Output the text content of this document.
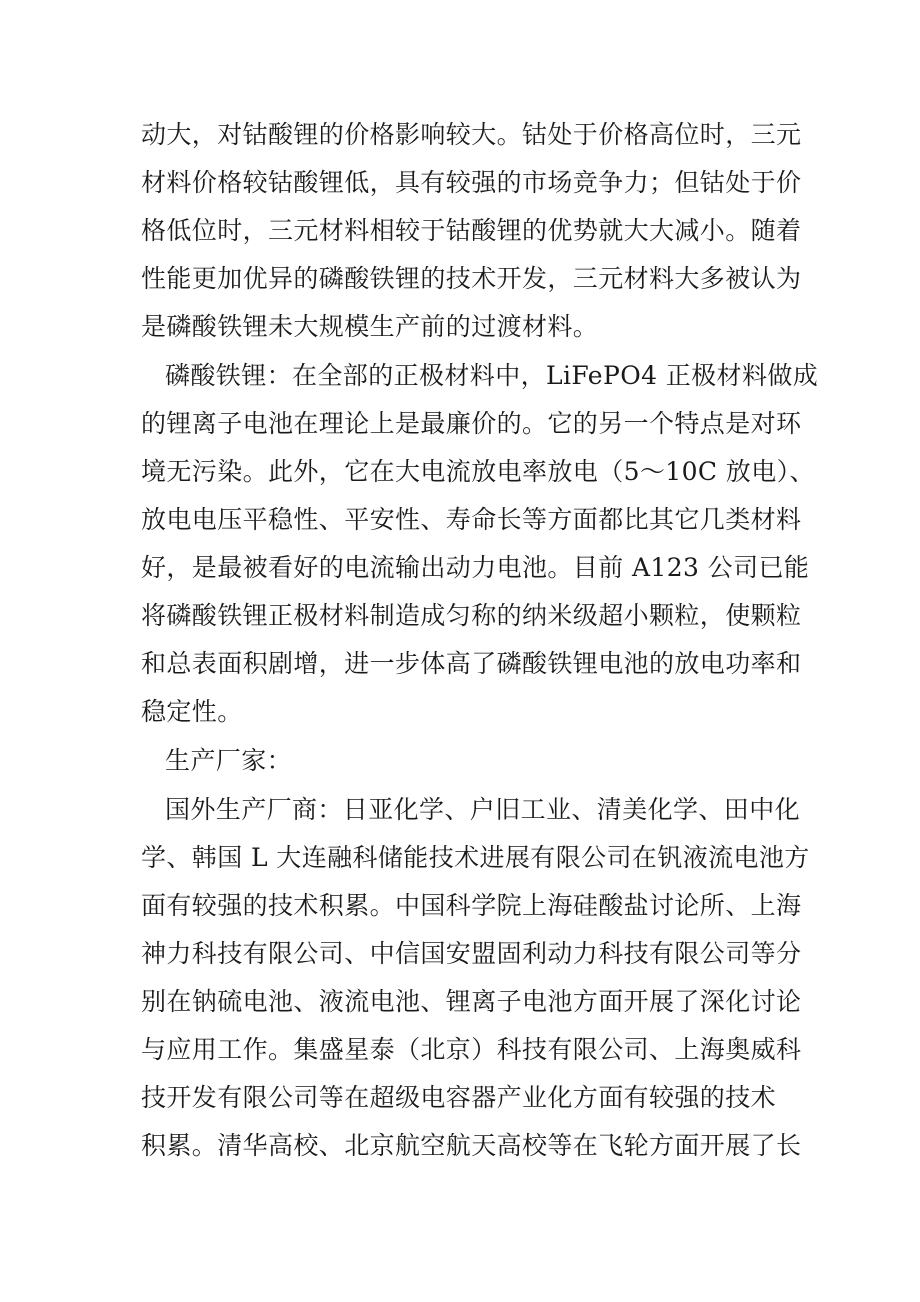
动大，对钴酸锂的价格影响较大。钴处于价格高位时，三元
材料价格较钴酸锂低，具有较强的市场竞争力；但钴处于价
格低位时，三元材料相较于钴酸锂的优势就大大减小。随着
性能更加优异的磷酸铁锂的技术开发，三元材料大多被认为
是磷酸铁锂未大规模生产前的过渡材料。
磷酸铁锂：在全部的正极材料中，LiFePO4 正极材料做成
的锂离子电池在理论上是最廉价的。它的另一个特点是对环
境无污染。此外，它在大电流放电率放电（5～10C 放电）、
放电电压平稳性、平安性、寿命长等方面都比其它几类材料
好，是最被看好的电流输出动力电池。目前 A123 公司已能
将磷酸铁锂正极材料制造成匀称的纳米级超小颗粒，使颗粒
和总表面积剧增，进一步体高了磷酸铁锂电池的放电功率和
稳定性。
生产厂家：
国外生产厂商：日亚化学、户旧工业、清美化学、田中化
学、韩国 L 大连融科储能技术进展有限公司在钒液流电池方
面有较强的技术积累。中国科学院上海硅酸盐讨论所、上海
神力科技有限公司、中信国安盟固利动力科技有限公司等分
别在钠硫电池、液流电池、锂离子电池方面开展了深化讨论
与应用工作。集盛星泰（北京）科技有限公司、上海奥威科
技开发有限公司等在超级电容器产业化方面有较强的技术
积累。清华高校、北京航空航天高校等在飞轮方面开展了长
